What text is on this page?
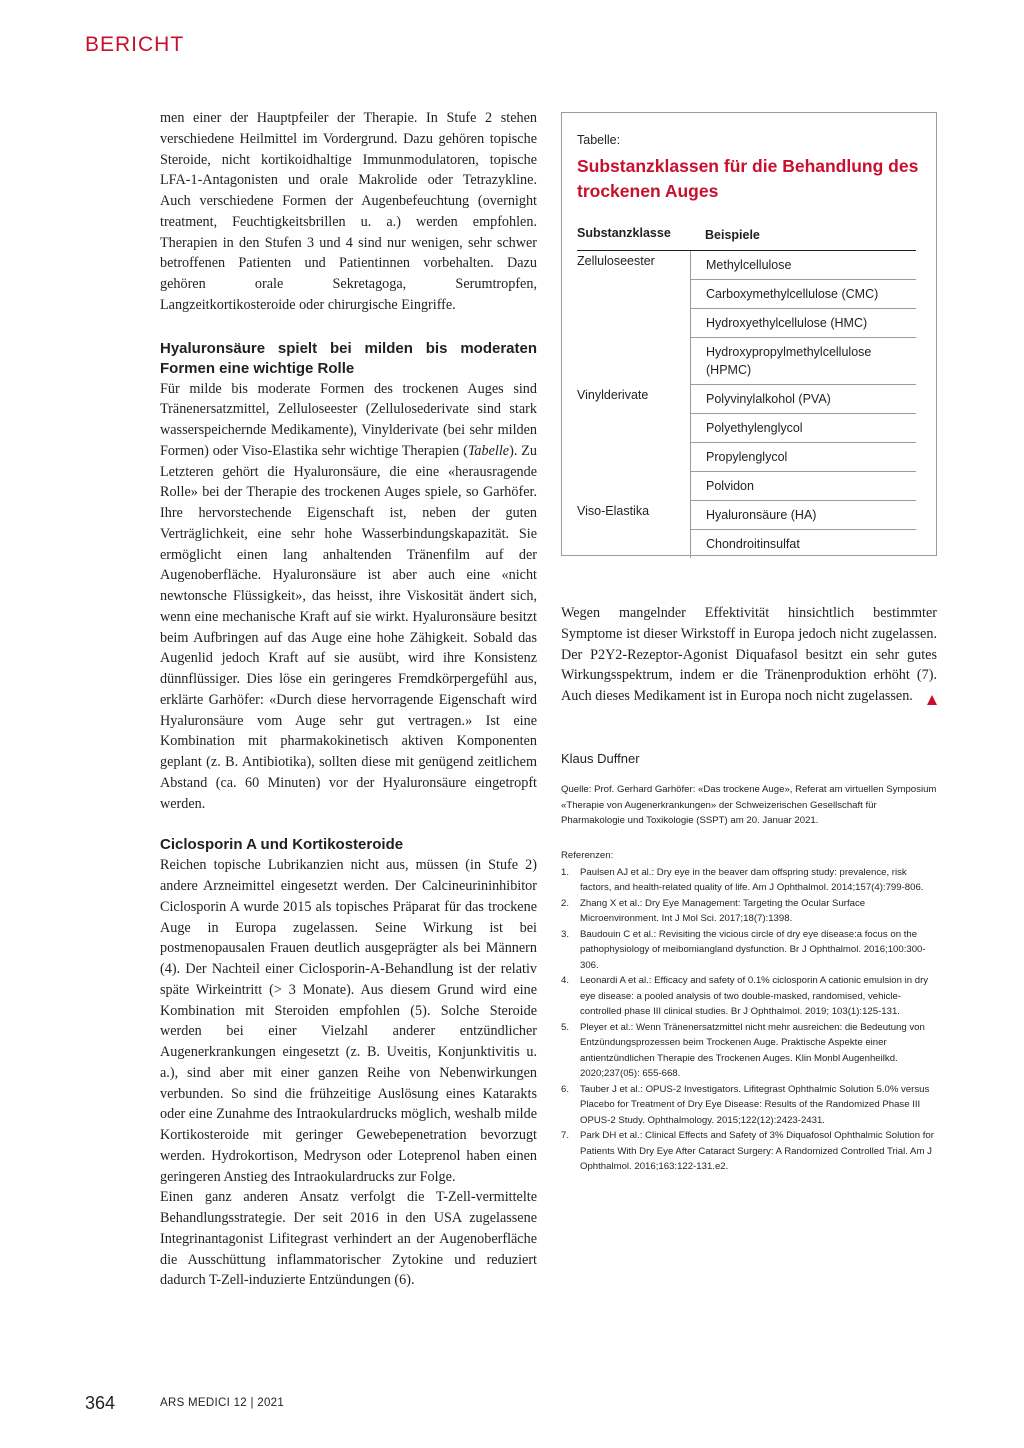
BERICHT

men einer der Hauptpfeiler der Therapie. In Stufe 2 stehen verschiedene Heilmittel im Vordergrund. Dazu gehören topische Steroide, nicht kortikoidhaltige Immunmodulatoren, topische LFA-1-Antagonisten und orale Makrolide oder Tetrazykline. Auch verschiedene Formen der Augenbefeuchtung (overnight treatment, Feuchtigkeitsbrillen u. a.) werden empfohlen. Therapien in den Stufen 3 und 4 sind nur wenigen, sehr schwer betroffenen Patienten und Patientinnen vorbehalten. Dazu gehören orale Sekretagoga, Serumtropfen, Langzeitkortikosteroide oder chirurgische Eingriffe.

Hyaluronsäure spielt bei milden bis moderaten Formen eine wichtige Rolle

Für milde bis moderate Formen des trockenen Auges sind Tränenersatzmittel, Zelluloseester (Zellulosederivate sind stark wasserspeichernde Medikamente), Vinylderivate (bei sehr milden Formen) oder Viso-Elastika sehr wichtige Therapien (Tabelle). Zu Letzteren gehört die Hyaluronsäure, die eine «herausragende Rolle» bei der Therapie des trockenen Auges spiele, so Garhöfer. Ihre hervorstechende Eigenschaft ist, neben der guten Verträglichkeit, eine sehr hohe Wasserbindungskapazität. Sie ermöglicht einen lang anhaltenden Tränenfilm auf der Augenoberfläche. Hyaluronsäure ist aber auch eine «nicht newtonsche Flüssigkeit», das heisst, ihre Viskosität ändert sich, wenn eine mechanische Kraft auf sie wirkt. Hyaluronsäure besitzt beim Aufbringen auf das Auge eine hohe Zähigkeit. Sobald das Augenlid jedoch Kraft auf sie ausübt, wird ihre Konsistenz dünnflüssiger. Dies löse ein geringeres Fremdkörpergefühl aus, erklärte Garhöfer: «Durch diese hervorragende Eigenschaft wird Hyaluronsäure vom Auge sehr gut vertragen.» Ist eine Kombination mit pharmakokinetisch aktiven Komponenten geplant (z. B. Antibiotika), sollten diese mit genügend zeitlichem Abstand (ca. 60 Minuten) vor der Hyaluronsäure eingetropft werden.

Ciclosporin A und Kortikosteroide

Reichen topische Lubrikanzien nicht aus, müssen (in Stufe 2) andere Arzneimittel eingesetzt werden. Der Calcineurininhibitor Ciclosporin A wurde 2015 als topisches Präparat für das trockene Auge in Europa zugelassen. Seine Wirkung ist bei postmenopausalen Frauen deutlich ausgeprägter als bei Männern (4). Der Nachteil einer Ciclosporin-A-Behandlung ist der relativ späte Wirkeintritt (> 3 Monate). Aus diesem Grund wird eine Kombination mit Steroiden empfohlen (5). Solche Steroide werden bei einer Vielzahl anderer entzündlicher Augenerkrankungen eingesetzt (z. B. Uveitis, Konjunktivitis u. a.), sind aber mit einer ganzen Reihe von Nebenwirkungen verbunden. So sind die frühzeitige Auslösung eines Katarakts oder eine Zunahme des Intraokulardrucks möglich, weshalb milde Kortikosteroide mit geringer Gewebepenetration bevorzugt werden. Hydrokortison, Medryson oder Loteprenol haben einen geringeren Anstieg des Intraokulardrucks zur Folge.

Einen ganz anderen Ansatz verfolgt die T-Zell-vermittelte Behandlungsstrategie. Der seit 2016 in den USA zugelassene Integrinantagonist Lifitegrast verhindert an der Augenoberfläche die Ausschüttung inflammatorischer Zytokine und reduziert dadurch T-Zell-induzierte Entzündungen (6).

Tabelle:
Substanzklassen für die Behandlung des trockenen Auges
Substanzklasse	Beispiele
Zelluloseester	Methylcellulose
Carboxymethylcellulose (CMC)
Hydroxyethylcellulose (HMC)
Hydroxypropylmethylcellulose (HPMC)
Vinylderivate	Polyvinylalkohol (PVA)
Polyethylenglycol
Propylenglycol
Polvidon
Viso-Elastika	Hyaluronsäure (HA)
Chondroitinsulfat

Wegen mangelnder Effektivität hinsichtlich bestimmter Symptome ist dieser Wirkstoff in Europa jedoch nicht zugelassen. Der P2Y2-Rezeptor-Agonist Diquafasol besitzt ein sehr gutes Wirkungsspektrum, indem er die Tränenproduktion erhöht (7). Auch dieses Medikament ist in Europa noch nicht zugelassen.

Klaus Duffner
Quelle: Prof. Gerhard Garhöfer: «Das trockene Auge», Referat am virtuellen Symposium «Therapie von Augenerkrankungen» der Schweizerischen Gesellschaft für Pharmakologie und Toxikologie (SSPT) am 20. Januar 2021.
Referenzen:
1.	Paulsen AJ et al.: Dry eye in the beaver dam offspring study: prevalence, risk factors, and health-related quality of life. Am J Ophthalmol. 2014;157(4):799-806.
2.	Zhang X et al.: Dry Eye Management: Targeting the Ocular Surface Microenvironment. Int J Mol Sci. 2017;18(7):1398.
3.	Baudouin C et al.: Revisiting the vicious circle of dry eye disease:a focus on the pathophysiology of meibomiangland dysfunction. Br J Ophthalmol. 2016;100:300-306.
4.	Leonardi A et al.: Efficacy and safety of 0.1% ciclosporin A cationic emulsion in dry eye disease: a pooled analysis of two double-masked, randomised, vehicle-controlled phase III clinical studies. Br J Ophthalmol. 2019; 103(1):125-131.
5.	Pleyer et al.: Wenn Tränenersatzmittel nicht mehr ausreichen: die Bedeutung von Entzündungsprozessen beim Trockenen Auge. Praktische Aspekte einer antientzündlichen Therapie des Trockenen Auges. Klin Monbl Augenheilkd. 2020;237(05): 655-668.
6.	Tauber J et al.: OPUS-2 Investigators. Lifitegrast Ophthalmic Solution 5.0% versus Placebo for Treatment of Dry Eye Disease: Results of the Randomized Phase III OPUS-2 Study. Ophthalmology. 2015;122(12):2423-2431.
7.	Park DH et al.: Clinical Effects and Safety of 3% Diquafosol Ophthalmic Solution for Patients With Dry Eye After Cataract Surgery: A Randomized Controlled Trial. Am J Ophthalmol. 2016;163:122-131.e2.
364	ARS MEDICI 12 | 2021
